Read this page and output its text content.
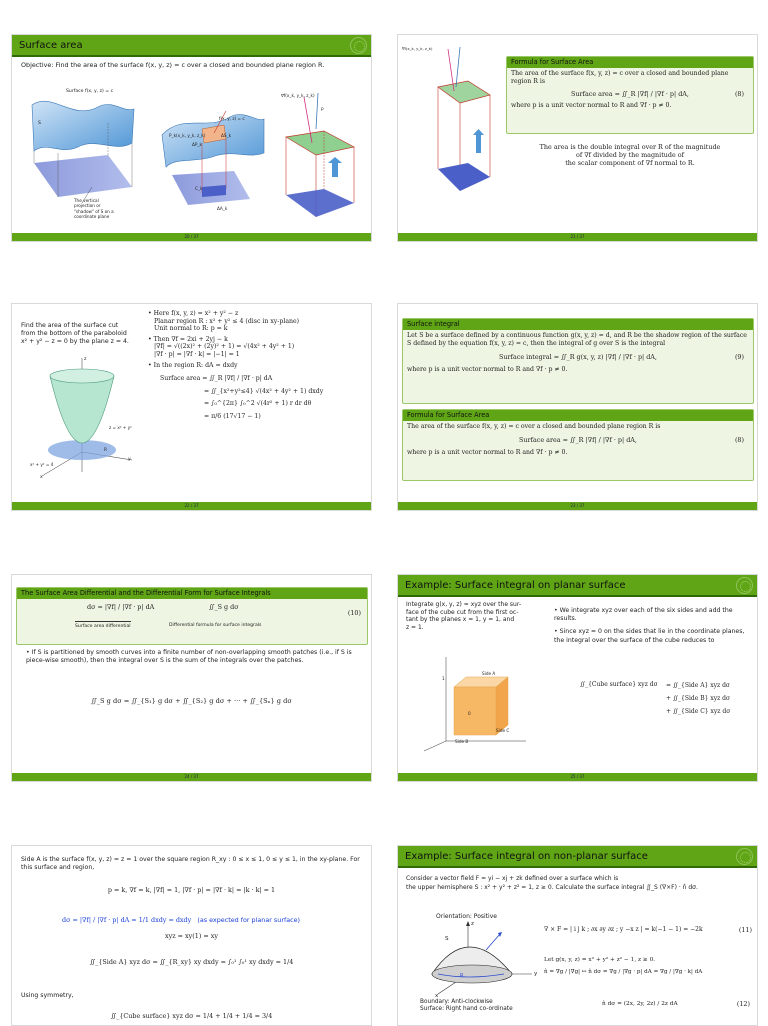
Surface area
Objective: Find the area of the surface f(x, y, z) = c over a closed and bounded plane region R.
Surface f(x, y, z) = c
S
R
The vertical projection or "shadow" of S on a coordinate plane
f(x, y, z) = c
P_k(x_k, y_k, z_k)	ΔS_k
ΔP_k
C_k
ΔA_k
∇f(x_k, y_k, z_k)
p
20 / 37
∇f(x_k, y_k, z_k)
Formula for Surface Area
The area of the surface f(x, y, z) = c over a closed and bounded plane region R is
Surface area = ∬_R |∇f| / |∇f · p| dA,	(8)
where p is a unit vector normal to R and ∇f · p ≠ 0.
The area is the double integral over R of the magnitude
of ∇f divided by the magnitude of
the scalar component of ∇f normal to R.
21 / 37
Find the area of the surface cut
from the bottom of the paraboloid
x² + y² − z = 0 by the plane z = 4.
z
y
x
z = x² + y²
x² + y² = 4
R
• Here f(x, y, z) = x² + y² − z
Planar region R : x² + y² ≤ 4 (disc in xy-plane)
Unit normal to R: p = k
• Then ∇f = 2xi + 2yj − k
|∇f| = √((2x)² + (2y)² + 1) = √(4x² + 4y² + 1)
|∇f · p| = |∇f · k| = |−1| = 1
• In the region R: dA = dxdy
Surface area = ∬_R |∇f| / |∇f · p| dA
= ∬_{x²+y²≤4} √(4x² + 4y² + 1) dxdy
= ∫₀^{2π} ∫₀^2 √(4r² + 1) r dr dθ
= π/6 (17√17 − 1)
22 / 37
Surface integral
Let S be a surface defined by a continuous function g(x, y, z) = d, and R be the shadow region of the surface S defined by the equation f(x, y, z) = c, then the integral of g over S is the integral
Surface integral = ∬_R g(x, y, z) |∇f| / |∇f · p| dA,	(9)
where p is a unit vector normal to R and ∇f · p ≠ 0.
Formula for Surface Area
The area of the surface f(x, y, z) = c over a closed and bounded plane region R is
Surface area = ∬_R |∇f| / |∇f · p| dA,	(8)
where p is a unit vector normal to R and ∇f · p ≠ 0.
23 / 37
The Surface Area Differential and the Differential Form for Surface Integrals
dσ = |∇f| / |∇f · p| dA
Surface area differential
∬_S g dσ
Differential formula for surface integrals
(10)
• If S is partitioned by smooth curves into a finite number of non-overlapping smooth patches (i.e., if S is piece-wise smooth), then the integral over S is the sum of the integrals over the patches.
∬_S g dσ = ∬_{S₁} g dσ + ∬_{S₂} g dσ + ··· + ∬_{Sₙ} g dσ
24 / 37
Example: Surface integral on planar surface
Integrate g(x, y, z) = xyz over the sur-
face of the cube cut from the first oc-
tant by the planes x = 1, y = 1, and
z = 1.
Side A
Side B
Side C
1
0
• We integrate xyz over each of the six sides and add the results.
• Since xyz = 0 on the sides that lie in the coordinate planes, the integral over the surface of the cube reduces to
∬_{Cube surface} xyz dσ = ∬_{Side A} xyz dσ
+ ∬_{Side B} xyz dσ
+ ∬_{Side C} xyz dσ
25 / 37
Side A is the surface f(x, y, z) = z = 1 over the square region R_xy : 0 ≤ x ≤ 1, 0 ≤ y ≤ 1, in the xy-plane. For this surface and region,
p = k, ∇f = k, |∇f| = 1, |∇f · p| = |∇f · k| = |k · k| = 1
dσ = |∇f| / |∇f · p| dA = 1/1 dxdy = dxdy (as expected for planar surface)
xyz = xy(1) = xy
∬_{Side A} xyz dσ = ∬_{R_xy} xy dxdy = ∫₀¹ ∫₀¹ xy dxdy = 1/4
Using symmetry,
∬_{Cube surface} xyz dσ = 1/4 + 1/4 + 1/4 = 3/4
Example: Surface integral on non-planar surface
Consider a vector field F = yi − xj + zk defined over a surface which is
the upper hemisphere S : x² + y² + z² = 1, z ≥ 0. Calculate the surface integral ∬_S (∇×F) · n̂ dσ.
Orientation: Positive
S
z
y
x
R
Boundary: Anti-clockwise
Surface: Right hand co-ordinate
∇ × F = | i j k ; ∂x ∂y ∂z ; y −x z | = k(−1 − 1) = −2k	(11)
Let g(x, y, z) = x² + y² + z² − 1, z ≥ 0.
n̂ = ∇g / |∇g| ↦ n̂ dσ = ∇g / |∇g · p| dA = ∇g / |∇g · k| dA
n̂ dσ = (2x, 2y, 2z) / 2z dA	(12)
